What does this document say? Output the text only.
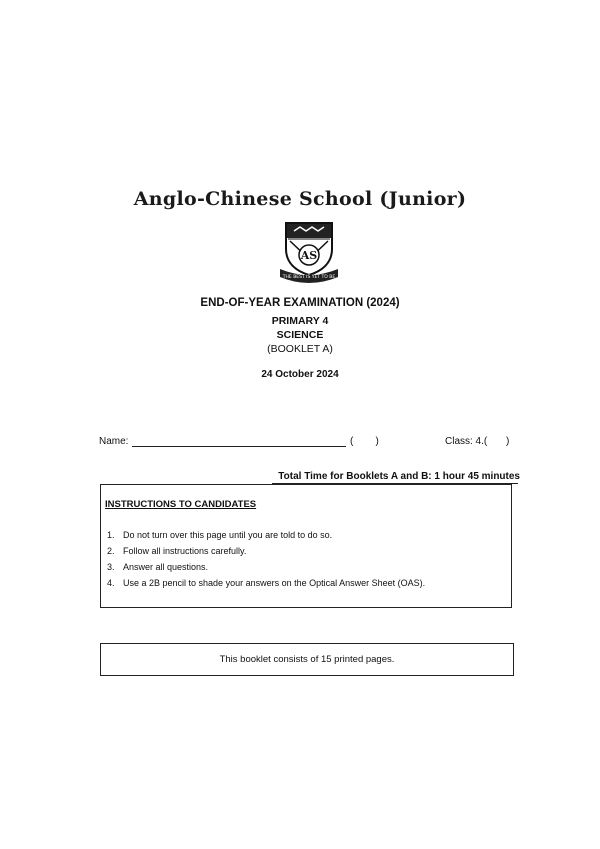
Anglo-Chinese School (Junior)
AS
THE BEST IS YET TO BE
END-OF-YEAR EXAMINATION (2024)
PRIMARY 4
SCIENCE
(BOOKLET A)
24 October 2024
Name:	(        )	Class: 4.( )
Total Time for Booklets A and B: 1 hour 45 minutes
INSTRUCTIONS TO CANDIDATES
1. Do not turn over this page until you are told to do so.
2. Follow all instructions carefully.
3. Answer all questions.
4. Use a 2B pencil to shade your answers on the Optical Answer Sheet (OAS).
This booklet consists of 15 printed pages.
